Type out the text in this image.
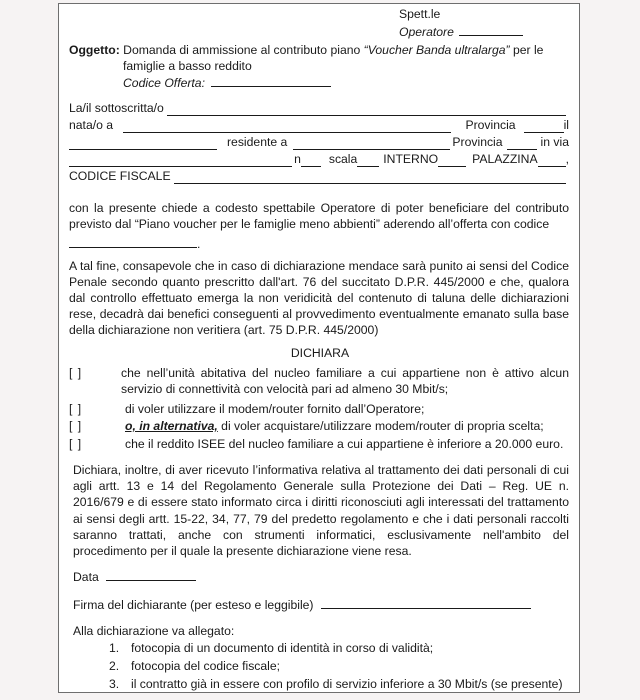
Spett.le
Operatore
Oggetto: Domanda di ammissione al contributo piano “Voucher Banda ultralarga” per le
famiglie a basso reddito
Codice Offerta:
La/il sottoscritta/o
nata/o a	Provincia	il
residente a	Provincia	in via
n scala INTERNO	PALAZZINA ,
CODICE FISCALE
con la presente chiede a codesto spettabile Operatore di poter beneficiare del contributo previsto dal “Piano voucher per le famiglie meno abbienti” aderendo all’offerta con codice
.
A tal fine, consapevole che in caso di dichiarazione mendace sarà punito ai sensi del Codice Penale secondo quanto prescritto dall'art. 76 del succitato D.P.R. 445/2000 e che, qualora dal controllo effettuato emerga la non veridicità del contenuto di taluna delle dichiarazioni rese, decadrà dai benefici conseguenti al provvedimento eventualmente emanato sulla base della dichiarazione non veritiera (art. 75 D.P.R. 445/2000)
DICHIARA
[ ]	che nell’unità abitativa del nucleo familiare a cui appartiene non è attivo alcun servizio di connettività con velocità pari ad almeno 30 Mbit/s;
[ ]	di voler utilizzare il modem/router fornito dall’Operatore;
[ ]	o, in alternativa, di voler acquistare/utilizzare modem/router di propria scelta;
[ ]	che il reddito ISEE del nucleo familiare a cui appartiene è inferiore a 20.000 euro.
Dichiara, inoltre, di aver ricevuto l’informativa relativa al trattamento dei dati personali di cui agli artt. 13 e 14 del Regolamento Generale sulla Protezione dei Dati – Reg. UE n. 2016/679 e di essere stato informato circa i diritti riconosciuti agli interessati del trattamento ai sensi degli artt. 15-22, 34, 77, 79 del predetto regolamento e che i dati personali raccolti saranno trattati, anche con strumenti informatici, esclusivamente nell'ambito del procedimento per il quale la presente dichiarazione viene resa.
Data
Firma del dichiarante (per esteso e leggibile)
Alla dichiarazione va allegato:
1. fotocopia di un documento di identità in corso di validità;
2. fotocopia del codice fiscale;
3. il contratto già in essere con profilo di servizio inferiore a 30 Mbit/s (se presente)
